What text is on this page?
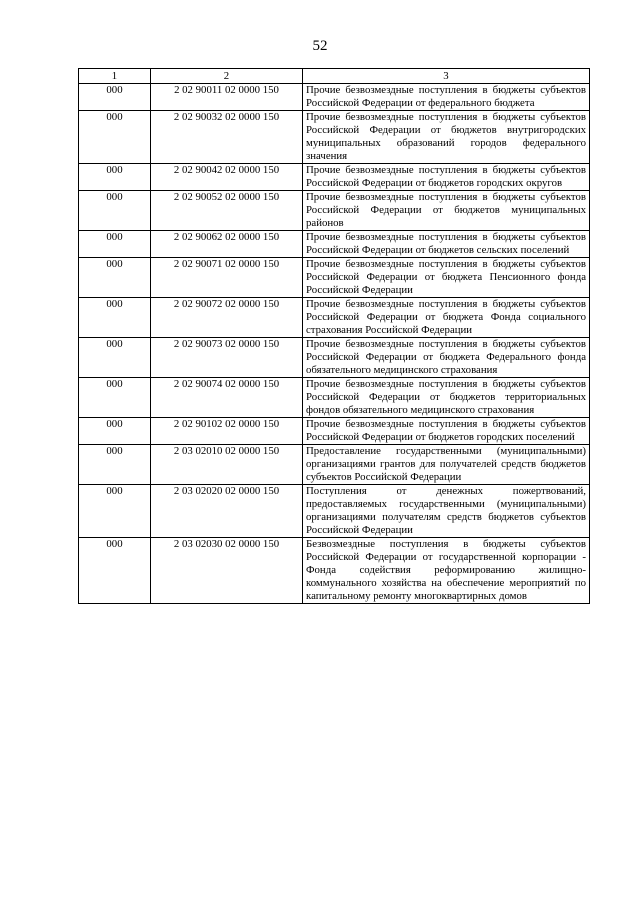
52
1	2	3
000	2 02 90011 02 0000 150	Прочие безвозмездные поступления в бюджеты субъектов Российской Федерации от федерального бюджета
000	2 02 90032 02 0000 150	Прочие безвозмездные поступления в бюджеты субъектов Российской Федерации от бюджетов внутригородских муниципальных образований городов федерального значения
000	2 02 90042 02 0000 150	Прочие безвозмездные поступления в бюджеты субъектов Российской Федерации от бюджетов городских округов
000	2 02 90052 02 0000 150	Прочие безвозмездные поступления в бюджеты субъектов Российской Федерации от бюджетов муниципальных районов
000	2 02 90062 02 0000 150	Прочие безвозмездные поступления в бюджеты субъектов Российской Федерации от бюджетов сельских поселений
000	2 02 90071 02 0000 150	Прочие безвозмездные поступления в бюджеты субъектов Российской Федерации от бюджета Пенсионного фонда Российской Федерации
000	2 02 90072 02 0000 150	Прочие безвозмездные поступления в бюджеты субъектов Российской Федерации от бюджета Фонда социального страхования Российской Федерации
000	2 02 90073 02 0000 150	Прочие безвозмездные поступления в бюджеты субъектов Российской Федерации от бюджета Федерального фонда обязательного медицинского страхования
000	2 02 90074 02 0000 150	Прочие безвозмездные поступления в бюджеты субъектов Российской Федерации от бюджетов территориальных фондов обязательного медицинского страхования
000	2 02 90102 02 0000 150	Прочие безвозмездные поступления в бюджеты субъектов Российской Федерации от бюджетов городских поселений
000	2 03 02010 02 0000 150	Предоставление государственными (муниципальными) организациями грантов для получателей средств бюджетов субъектов Российской Федерации
000	2 03 02020 02 0000 150	Поступления от денежных пожертвований, предоставляемых государственными (муниципальными) организациями получателям средств бюджетов субъектов Российской Федерации
000	2 03 02030 02 0000 150	Безвозмездные поступления в бюджеты субъектов Российской Федерации от государственной корпорации - Фонда содействия реформированию жилищно-коммунального хозяйства на обеспечение мероприятий по капитальному ремонту многоквартирных домов
